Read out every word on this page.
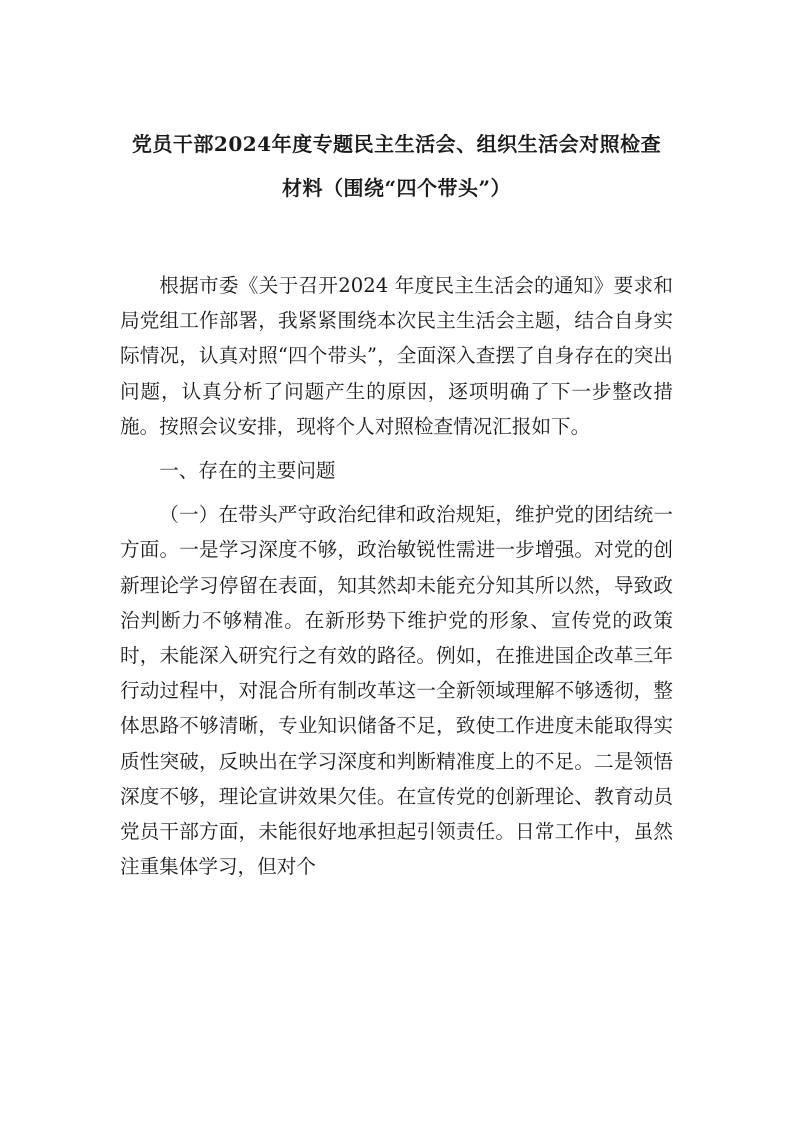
党员干部2024年度专题民主生活会、组织生活会对照检查
材料（围绕“四个带头”）

根据市委《关于召开2024 年度民主生活会的通知》要求和局党组工作部署，我紧紧围绕本次民主生活会主题，结合自身实际情况，认真对照“四个带头”，全面深入查摆了自身存在的突出问题，认真分析了问题产生的原因，逐项明确了下一步整改措施。按照会议安排，现将个人对照检查情况汇报如下。

一、存在的主要问题

（一）在带头严守政治纪律和政治规矩，维护党的团结统一方面。一是学习深度不够，政治敏锐性需进一步增强。对党的创新理论学习停留在表面，知其然却未能充分知其所以然，导致政治判断力不够精准。在新形势下维护党的形象、宣传党的政策时，未能深入研究行之有效的路径。例如，在推进国企改革三年行动过程中，对混合所有制改革这一全新领域理解不够透彻，整体思路不够清晰，专业知识储备不足，致使工作进度未能取得实质性突破，反映出在学习深度和判断精准度上的不足。二是领悟深度不够，理论宣讲效果欠佳。在宣传党的创新理论、教育动员党员干部方面，未能很好地承担起引领责任。日常工作中，虽然注重集体学习，但对个
